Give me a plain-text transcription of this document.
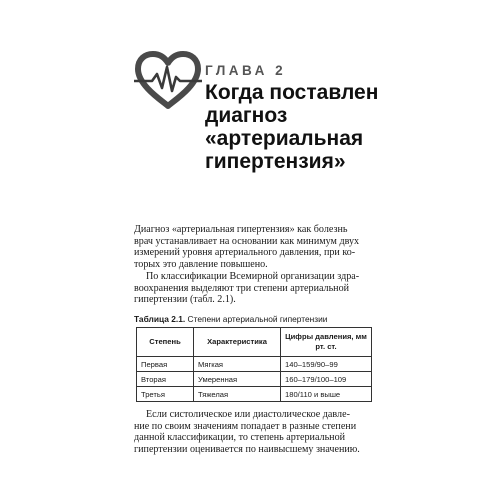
ГЛАВА 2
Когда поставлен
диагноз
«артериальная
гипертензия»

Диагноз «артериальная гипертензия» как болезнь
врач устанавливает на основании как минимум двух
измерений уровня артериального давления, при ко-
торых это давление повышено.

По классификации Всемирной организации здра-
воохранения выделяют три степени артериальной
гипертензии (табл. 2.1).

Таблица 2.1. Степени артериальной гипертензии
Степень	Характеристика	Цифры давления, мм рт. ст.
Первая	Мягкая	140–159/90–99
Вторая	Умеренная	160–179/100–109
Третья	Тяжелая	180/110 и выше

Если систолическое или диастолическое давле-
ние по своим значениям попадает в разные степени
данной классификации, то степень артериальной
гипертензии оценивается по наивысшему значению.
